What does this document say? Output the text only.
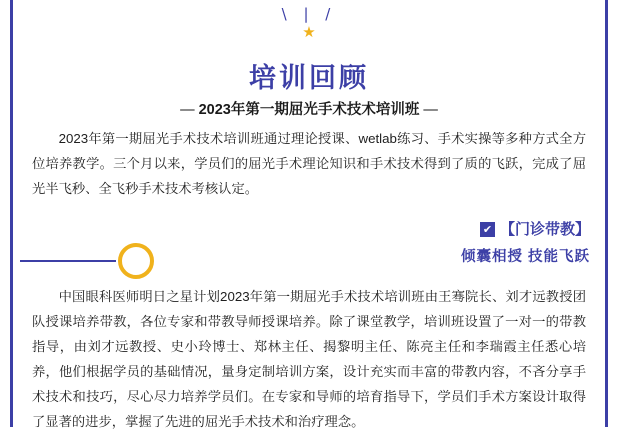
\ | /
★
培训回顾
— 2023年第一期屈光手术技术培训班 —
2023年第一期屈光手术技术培训班通过理论授课、wetlab练习、手术实操等多种方式全方位培养教学。三个月以来，学员们的屈光手术理论知识和手术技术得到了质的飞跃，完成了屈光半飞秒、全飞秒手术技术考核认定。
✔ 【门诊带教】
倾囊相授 技能飞跃
中国眼科医师明日之星计划2023年第一期屈光手术技术培训班由王骞院长、刘才远教授团队授课培养带教，各位专家和带教导师授课培养。除了课堂教学，培训班设置了一对一的带教指导，由刘才远教授、史小玲博士、郑林主任、揭黎明主任、陈亮主任和李瑞霞主任悉心培养，他们根据学员的基础情况，量身定制培训方案，设计充实而丰富的带教内容，不吝分享手术技术和技巧，尽心尽力培养学员们。在专家和导师的培育指导下，学员们手术方案设计取得了显著的进步，掌握了先进的屈光手术技术和治疗理念。
